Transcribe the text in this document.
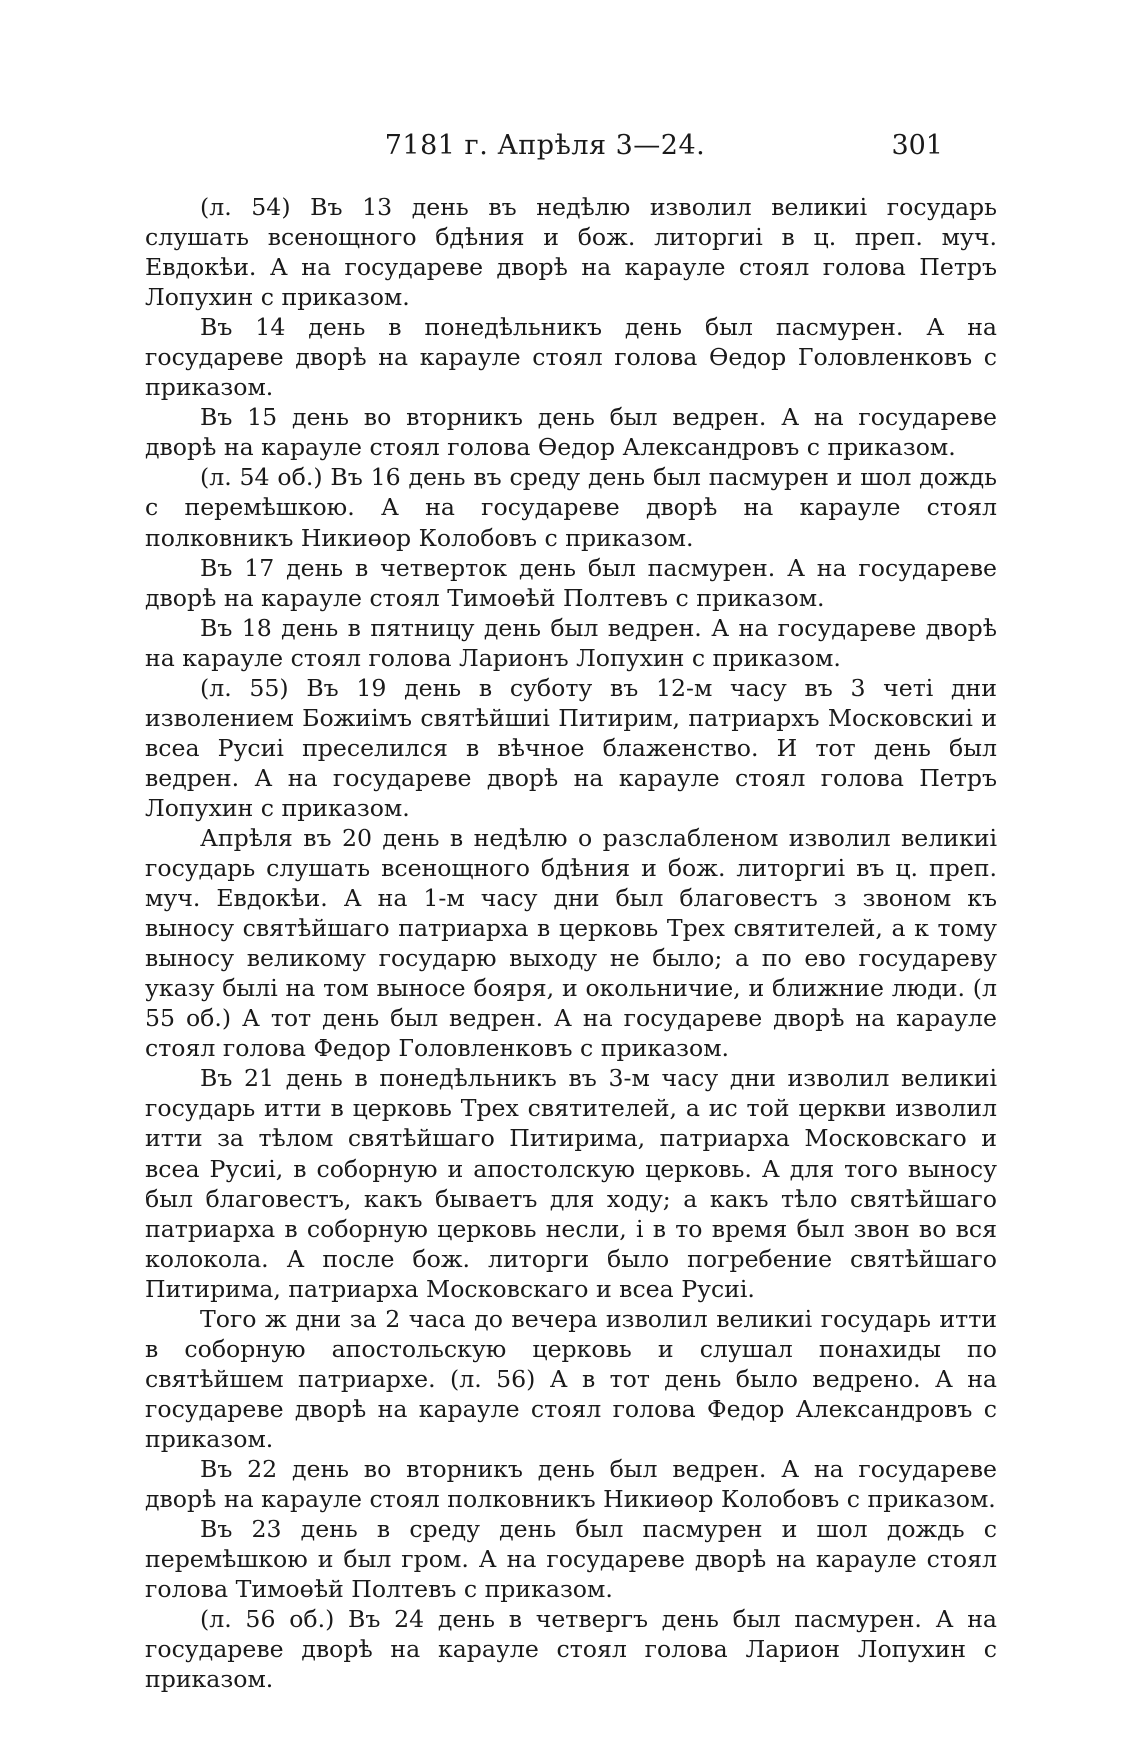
7181 г. Апрѣля 3—24.	301

(л. 54) Въ 13 день въ недѣлю изволил великиі государь слушать всенощного бдѣния и бож. литоргиі в ц. преп. муч. Евдокѣи. А на государеве дворѣ на карауле стоял голова Петръ Лопухин с приказом.

Въ 14 день в понедѣльникъ день был пасмурен. А на государеве дворѣ на карауле стоял голова Өедор Головленковъ с приказом.

Въ 15 день во вторникъ день был ведрен. А на государеве дворѣ на карауле стоял голова Өедор Александровъ с приказом.

(л. 54 об.) Въ 16 день въ среду день был пасмурен и шол дождь с перемѣшкою. А на государеве дворѣ на карауле стоял полковникъ Никиөор Колобовъ с приказом.

Въ 17 день в четверток день был пасмурен. А на государеве дворѣ на карауле стоял Тимоөѣй Полтевъ с приказом.

Въ 18 день в пятницу день был ведрен. А на государеве дворѣ на карауле стоял голова Ларионъ Лопухин с приказом.

(л. 55) Въ 19 день в суботу въ 12-м часу въ 3 четі дни изволением Божиімъ святѣйшиі Питирим, патриархъ Московскиі и всеа Русиі преселился в вѣчное блаженство. И тот день был ведрен. А на государеве дворѣ на карауле стоял голова Петръ Лопухин с приказом.

Апрѣля въ 20 день в недѣлю о разслабленом изволил великиі государь слушать всенощного бдѣния и бож. литоргиі въ ц. преп. муч. Евдокѣи. А на 1-м часу дни был благовестъ з звоном къ выносу святѣйшаго патриарха в церковь Трех святителей, а к тому выносу великому государю выходу не было; а по ево государеву указу былі на том выносе бояря, и окольничие, и ближние люди. (л 55 об.) А тот день был ведрен. А на государеве дворѣ на карауле стоял голова Федор Головленковъ с приказом.

Въ 21 день в понедѣльникъ въ 3-м часу дни изволил великиі государь итти в церковь Трех святителей, а ис той церкви изволил итти за тѣлом святѣйшаго Питирима, патриарха Московскаго и всеа Русиі, в соборную и апостолскую церковь. А для того выносу был благовестъ, какъ бываетъ для ходу; а какъ тѣло святѣйшаго патриарха в соборную церковь несли, і в то время был звон во вся колокола. А после бож. литорги было погребение святѣйшаго Питирима, патриарха Московскаго и всеа Русиі.

Того ж дни за 2 часа до вечера изволил великиі государь итти в соборную апостольскую церковь и слушал понахиды по святѣйшем патриархе. (л. 56) А в тот день было ведрено. А на государеве дворѣ на карауле стоял голова Федор Александровъ с приказом.

Въ 22 день во вторникъ день был ведрен. А на государеве дворѣ на карауле стоял полковникъ Никиөор Колобовъ с приказом.

Въ 23 день в среду день был пасмурен и шол дождь с перемѣшкою и был гром. А на государеве дворѣ на карауле стоял голова Тимоөѣй Полтевъ с приказом.

(л. 56 об.) Въ 24 день в четвергъ день был пасмурен. А на государеве дворѣ на карауле стоял голова Ларион Лопухин с приказом.
